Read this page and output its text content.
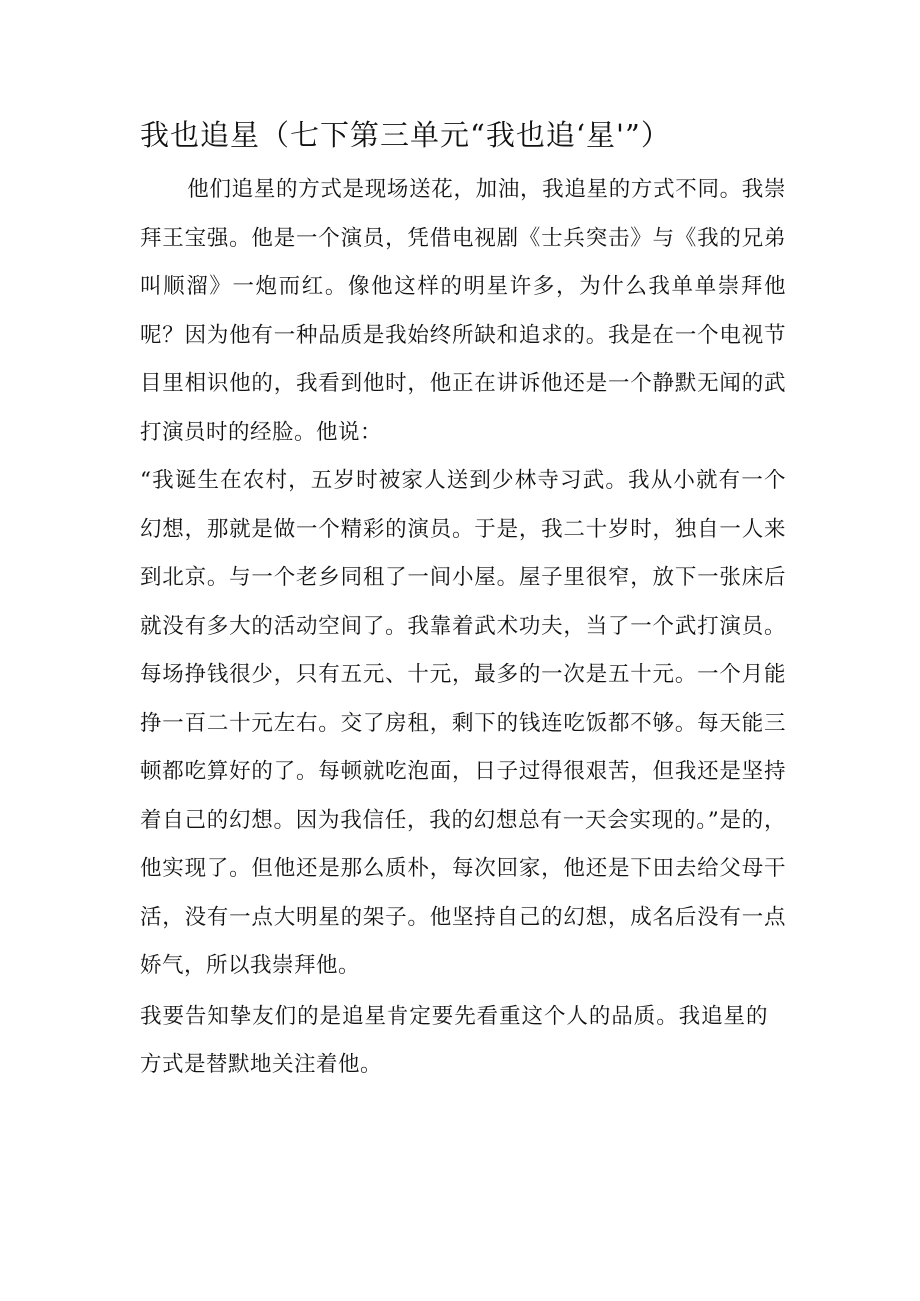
我也追星（七下第三单元“我也追‘星'”）

他们追星的方式是现场送花，加油，我追星的方式不同。我崇拜王宝强。他是一个演员，凭借电视剧《士兵突击》与《我的兄弟叫顺溜》一炮而红。像他这样的明星许多，为什么我单单崇拜他呢？因为他有一种品质是我始终所缺和追求的。我是在一个电视节目里相识他的，我看到他时，他正在讲诉他还是一个静默无闻的武打演员时的经脸。他说：

“我诞生在农村，五岁时被家人送到少林寺习武。我从小就有一个幻想，那就是做一个精彩的演员。于是，我二十岁时，独自一人来到北京。与一个老乡同租了一间小屋。屋子里很窄，放下一张床后就没有多大的活动空间了。我靠着武术功夫，当了一个武打演员。每场挣钱很少，只有五元、十元，最多的一次是五十元。一个月能挣一百二十元左右。交了房租，剩下的钱连吃饭都不够。每天能三顿都吃算好的了。每顿就吃泡面，日子过得很艰苦，但我还是坚持着自己的幻想。因为我信任，我的幻想总有一天会实现的。”是的，他实现了。但他还是那么质朴，每次回家，他还是下田去给父母干活，没有一点大明星的架子。他坚持自己的幻想，成名后没有一点娇气，所以我崇拜他。

我要告知挚友们的是追星肯定要先看重这个人的品质。我追星的方式是替默地关注着他。
